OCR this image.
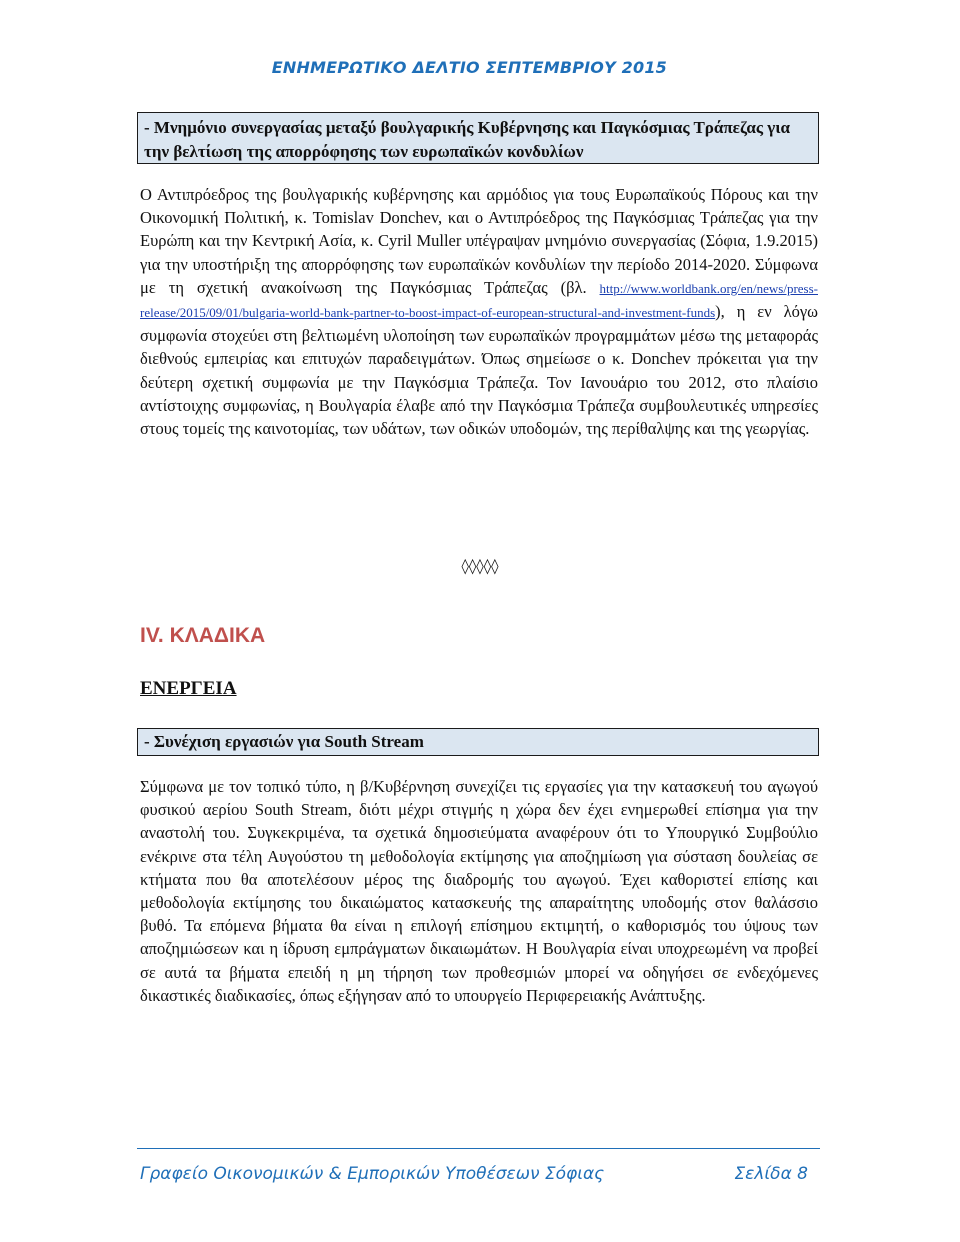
ΕΝΗΜΕΡΩΤΙΚΟ ΔΕΛΤΙΟ ΣΕΠΤΕΜΒΡΙΟΥ 2015
- Μνημόνιο συνεργασίας μεταξύ βουλγαρικής Κυβέρνησης και Παγκόσμιας Τράπεζας για την βελτίωση της απορρόφησης των ευρωπαϊκών κονδυλίων

Ο Αντιπρόεδρος της βουλγαρικής κυβέρνησης και αρμόδιος για τους Ευρωπαϊκούς Πόρους και την Οικονομική Πολιτική, κ. Tomislav Donchev, και ο Αντιπρόεδρος της Παγκόσμιας Τράπεζας για την Ευρώπη και την Κεντρική Ασία, κ. Cyril Muller υπέγραψαν μνημόνιο συνεργασίας (Σόφια, 1.9.2015) για την υποστήριξη της απορρόφησης των ευρωπαϊκών κονδυλίων την περίοδο 2014-2020. Σύμφωνα με τη σχετική ανακοίνωση της Παγκόσμιας Τράπεζας (βλ. http://www.worldbank.org/en/news/press-release/2015/09/01/bulgaria-world-bank-partner-to-boost-impact-of-european-structural-and-investment-funds), η εν λόγω συμφωνία στοχεύει στη βελτιωμένη υλοποίηση των ευρωπαϊκών προγραμμάτων μέσω της μεταφοράς διεθνούς εμπειρίας και επιτυχών παραδειγμάτων. Όπως σημείωσε ο κ. Donchev πρόκειται για την δεύτερη σχετική συμφωνία με την Παγκόσμια Τράπεζα. Τον Ιανουάριο του 2012, στο πλαίσιο αντίστοιχης συμφωνίας, η Βουλγαρία έλαβε από την Παγκόσμια Τράπεζα συμβουλευτικές υπηρεσίες στους τομείς της καινοτομίας, των υδάτων, των οδικών υποδομών, της περίθαλψης και της γεωργίας.

◊◊◊◊◊
IV. ΚΛΑΔΙΚΑ
ΕΝΕΡΓΕΙΑ
- Συνέχιση εργασιών για South Stream

Σύμφωνα με τον τοπικό τύπο, η β/Κυβέρνηση συνεχίζει τις εργασίες για την κατασκευή του αγωγού φυσικού αερίου South Stream, διότι μέχρι στιγμής η χώρα δεν έχει ενημερωθεί επίσημα για την αναστολή του. Συγκεκριμένα, τα σχετικά δημοσιεύματα αναφέρουν ότι το Υπουργικό Συμβούλιο ενέκρινε στα τέλη Αυγούστου τη μεθοδολογία εκτίμησης για αποζημίωση για σύσταση δουλείας σε κτήματα που θα αποτελέσουν μέρος της διαδρομής του αγωγού. Έχει καθοριστεί επίσης και μεθοδολογία εκτίμησης του δικαιώματος κατασκευής της απαραίτητης υποδομής στον θαλάσσιο βυθό. Τα επόμενα βήματα θα είναι η επιλογή επίσημου εκτιμητή, ο καθορισμός του ύψους των αποζημιώσεων και η ίδρυση εμπράγματων δικαιωμάτων. Η Βουλγαρία είναι υποχρεωμένη να προβεί σε αυτά τα βήματα επειδή η μη τήρηση των προθεσμιών μπορεί να οδηγήσει σε ενδεχόμενες δικαστικές διαδικασίες, όπως εξήγησαν από το υπουργείο Περιφερειακής Ανάπτυξης.

Γραφείο Οικονομικών & Εμπορικών Υποθέσεων Σόφιας	Σελίδα 8
